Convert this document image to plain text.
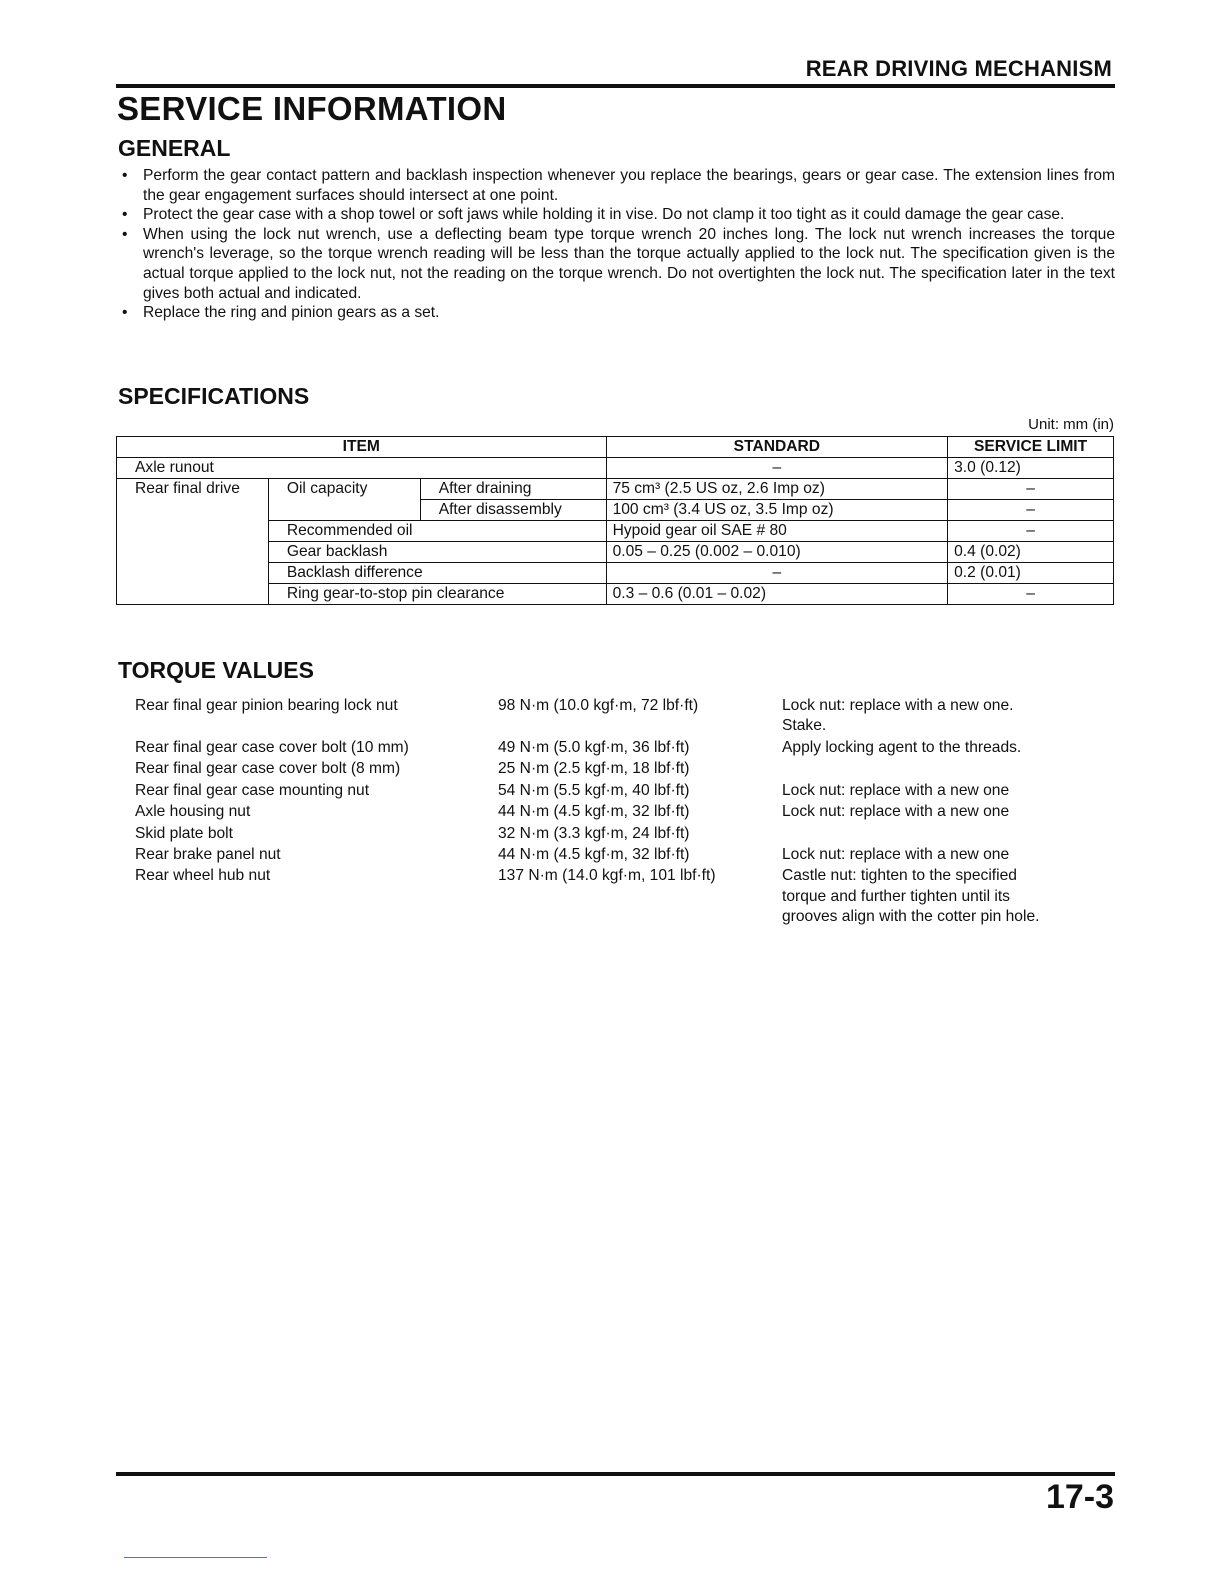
REAR DRIVING MECHANISM
SERVICE INFORMATION
GENERAL
• Perform the gear contact pattern and backlash inspection whenever you replace the bearings, gears or gear case. The extension lines from the gear engagement surfaces should intersect at one point.
• Protect the gear case with a shop towel or soft jaws while holding it in vise. Do not clamp it too tight as it could damage the gear case.
• When using the lock nut wrench, use a deflecting beam type torque wrench 20 inches long. The lock nut wrench increases the torque wrench's leverage, so the torque wrench reading will be less than the torque actually applied to the lock nut. The specification given is the actual torque applied to the lock nut, not the reading on the torque wrench. Do not overtighten the lock nut. The specification later in the text gives both actual and indicated.
• Replace the ring and pinion gears as a set.
SPECIFICATIONS
Unit: mm (in)
ITEM			STANDARD	SERVICE LIMIT
Axle runout			–	3.0 (0.12)
Rear final drive	Oil capacity	After draining	75 cm³ (2.5 US oz, 2.6 Imp oz)	–
		After disassembly	100 cm³ (3.4 US oz, 3.5 Imp oz)	–
	Recommended oil		Hypoid gear oil SAE # 80	–
	Gear backlash		0.05 – 0.25 (0.002 – 0.010)	0.4 (0.02)
	Backlash difference		–	0.2 (0.01)
	Ring gear-to-stop pin clearance		0.3 – 0.6 (0.01 – 0.02)	–
TORQUE VALUES
Rear final gear pinion bearing lock nut	98 N·m (10.0 kgf·m, 72 lbf·ft)	Lock nut: replace with a new one.
Stake.
Rear final gear case cover bolt (10 mm)	49 N·m (5.0 kgf·m, 36 lbf·ft)	Apply locking agent to the threads.
Rear final gear case cover bolt (8 mm)	25 N·m (2.5 kgf·m, 18 lbf·ft)
Rear final gear case mounting nut	54 N·m (5.5 kgf·m, 40 lbf·ft)	Lock nut: replace with a new one
Axle housing nut	44 N·m (4.5 kgf·m, 32 lbf·ft)	Lock nut: replace with a new one
Skid plate bolt	32 N·m (3.3 kgf·m, 24 lbf·ft)
Rear brake panel nut	44 N·m (4.5 kgf·m, 32 lbf·ft)	Lock nut: replace with a new one
Rear wheel hub nut	137 N·m (14.0 kgf·m, 101 lbf·ft)	Castle nut: tighten to the specified
torque and further tighten until its
grooves align with the cotter pin hole.
17-3
